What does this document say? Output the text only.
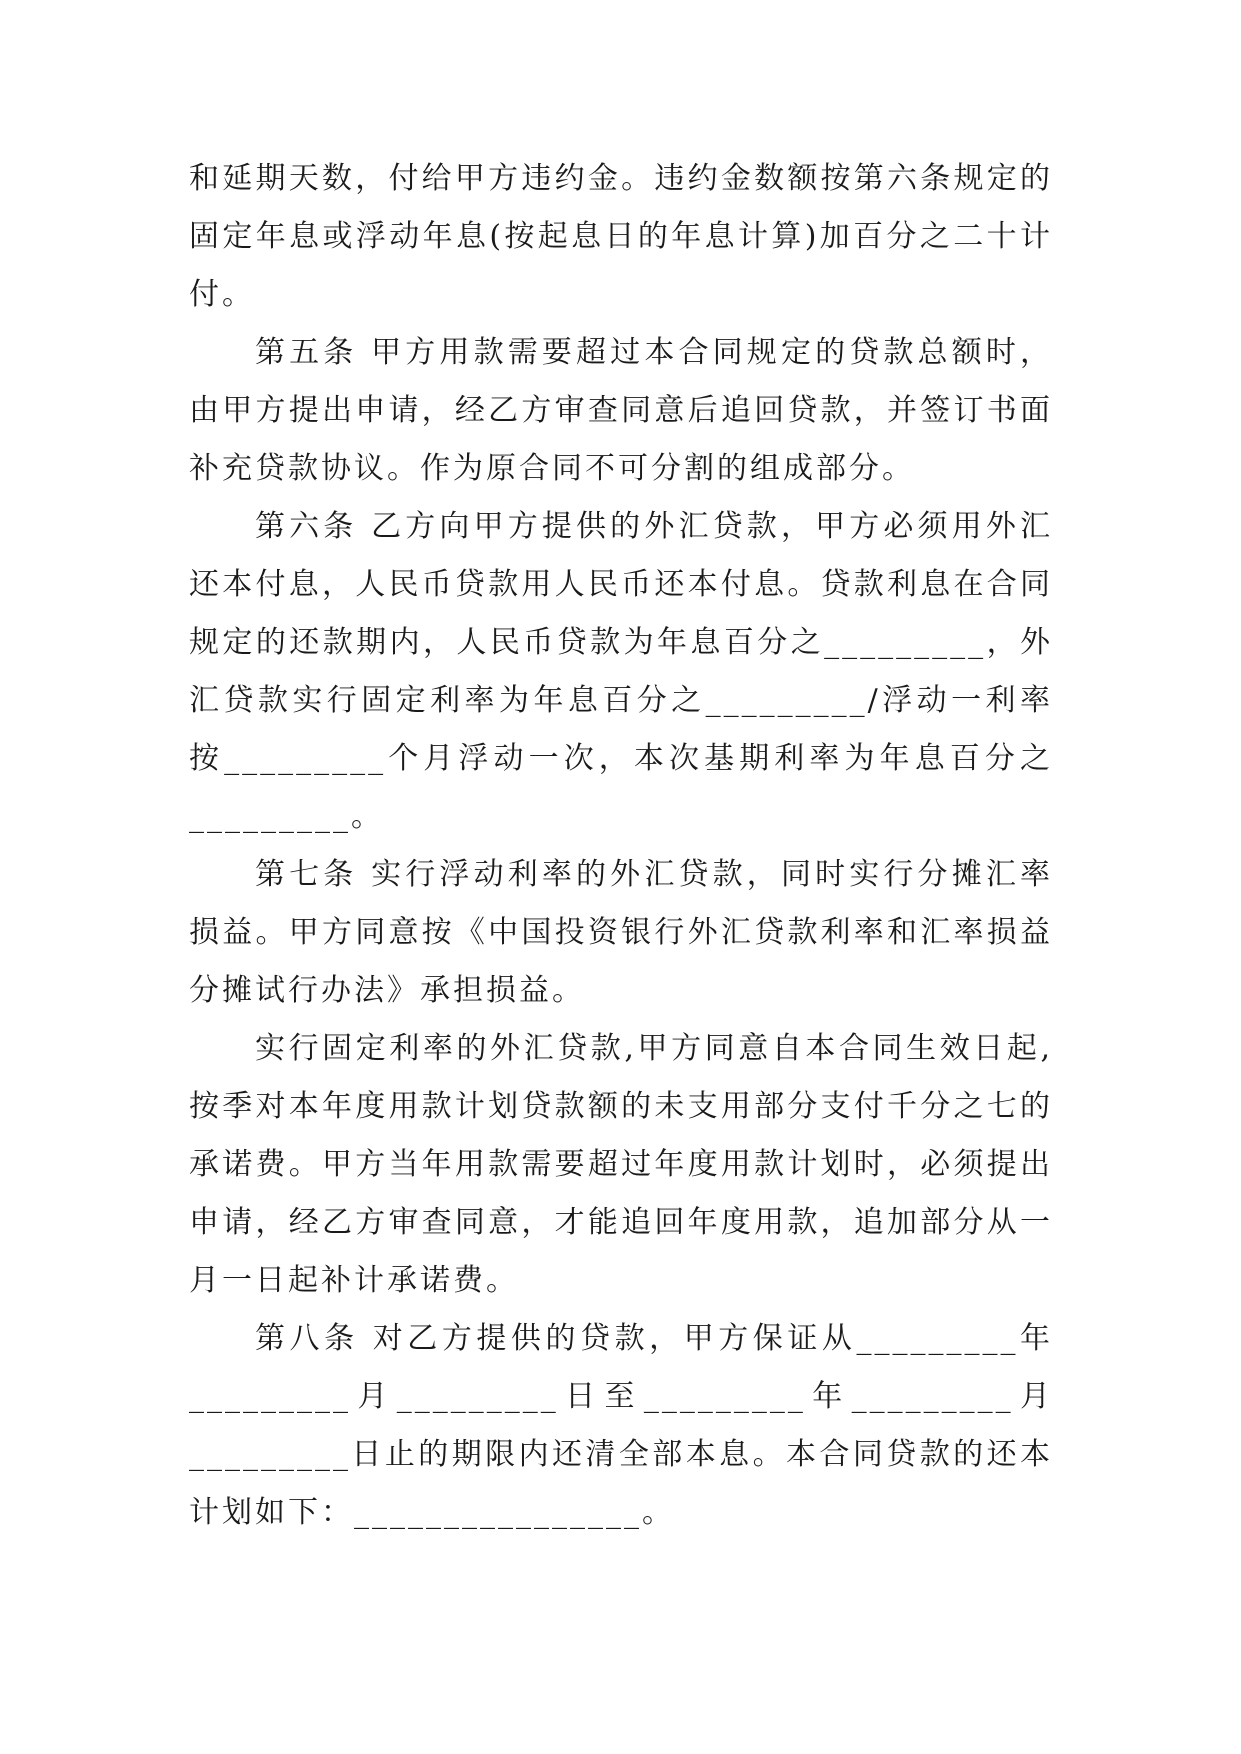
和延期天数，付给甲方违约金。违约金数额按第六条规定的固定年息或浮动年息(按起息日的年息计算)加百分之二十计付。

第五条 甲方用款需要超过本合同规定的贷款总额时，由甲方提出申请，经乙方审查同意后追回贷款，并签订书面补充贷款协议。作为原合同不可分割的组成部分。

第六条 乙方向甲方提供的外汇贷款，甲方必须用外汇还本付息，人民币贷款用人民币还本付息。贷款利息在合同规定的还款期内，人民币贷款为年息百分之_________，外汇贷款实行固定利率为年息百分之_________/浮动一利率按_________个月浮动一次，本次基期利率为年息百分之_________。

第七条 实行浮动利率的外汇贷款，同时实行分摊汇率损益。甲方同意按《中国投资银行外汇贷款利率和汇率损益分摊试行办法》承担损益。

实行固定利率的外汇贷款,甲方同意自本合同生效日起,按季对本年度用款计划贷款额的未支用部分支付千分之七的承诺费。甲方当年用款需要超过年度用款计划时，必须提出申请，经乙方审查同意，才能追回年度用款，追加部分从一月一日起补计承诺费。

第八条 对乙方提供的贷款，甲方保证从_________年_________月_________日至_________年_________月_________日止的期限内还清全部本息。本合同贷款的还本计划如下：________________。
